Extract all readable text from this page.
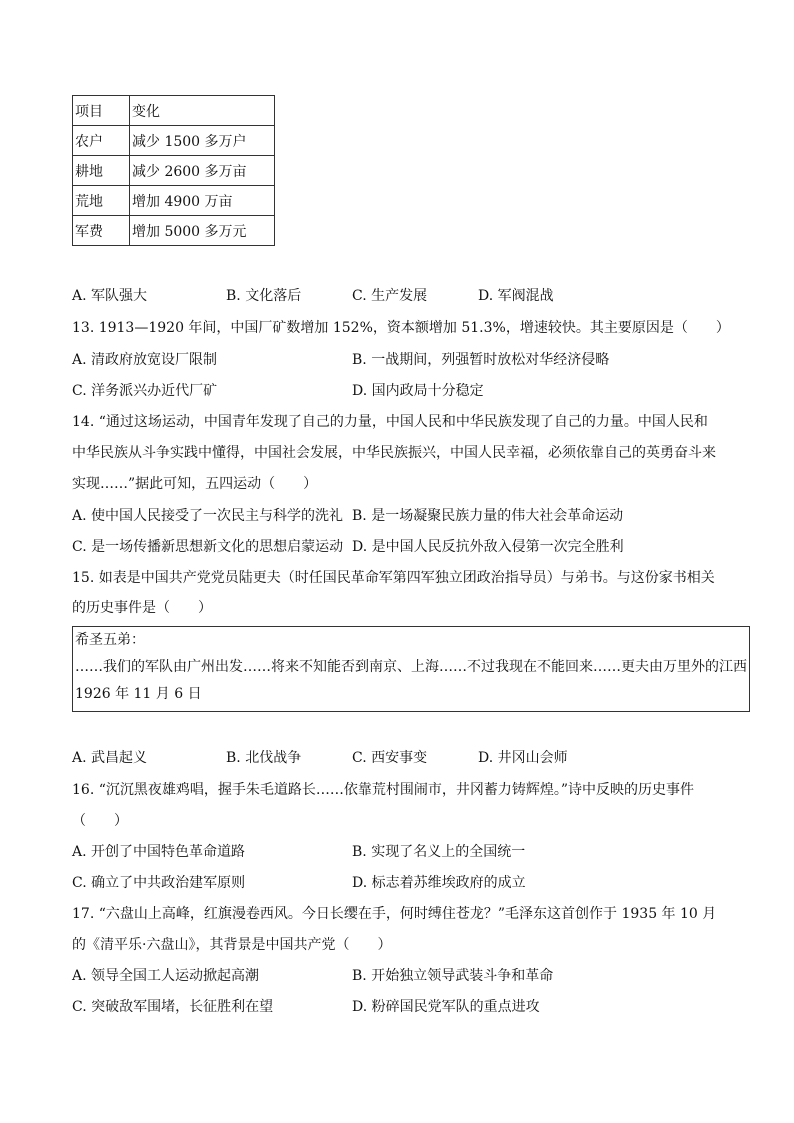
项目	变化
农户	减少 1500 多万户
耕地	减少 2600 多万亩
荒地	增加 4900 万亩
军费	增加 5000 多万元
A. 军队强大	B. 文化落后	C. 生产发展	D. 军阀混战
13. 1913—1920 年间，中国厂矿数增加 152%，资本额增加 51.3%，增速较快。其主要原因是（　　）
A. 清政府放宽设厂限制	B. 一战期间，列强暂时放松对华经济侵略
C. 洋务派兴办近代厂矿	D. 国内政局十分稳定
14. “通过这场运动，中国青年发现了自己的力量，中国人民和中华民族发现了自己的力量。中国人民和
中华民族从斗争实践中懂得，中国社会发展，中华民族振兴，中国人民幸福，必须依靠自己的英勇奋斗来
实现……”据此可知，五四运动（　　）
A. 使中国人民接受了一次民主与科学的洗礼 B. 是一场凝聚民族力量的伟大社会革命运动
C. 是一场传播新思想新文化的思想启蒙运动 D. 是中国人民反抗外敌入侵第一次完全胜利
15. 如表是中国共产党党员陆更夫（时任国民革命军第四军独立团政治指导员）与弟书。与这份家书相关
的历史事件是（　　）
希圣五弟：
……我们的军队由广州出发……将来不知能否到南京、上海……不过我现在不能回来……更夫由万里外的江西
1926 年 11 月 6 日
A. 武昌起义	B. 北伐战争	C. 西安事变	D. 井冈山会师
16. “沉沉黑夜雄鸡唱，握手朱毛道路长……依靠荒村围闹市，井冈蓄力铸辉煌。”诗中反映的历史事件
（　　）
A. 开创了中国特色革命道路	B. 实现了名义上的全国统一
C. 确立了中共政治建军原则	D. 标志着苏维埃政府的成立
17. “六盘山上高峰，红旗漫卷西风。今日长缨在手，何时缚住苍龙？”毛泽东这首创作于 1935 年 10 月
的《清平乐·六盘山》，其背景是中国共产党（　　）
A. 领导全国工人运动掀起高潮	B. 开始独立领导武装斗争和革命
C. 突破敌军围堵，长征胜利在望	D. 粉碎国民党军队的重点进攻
